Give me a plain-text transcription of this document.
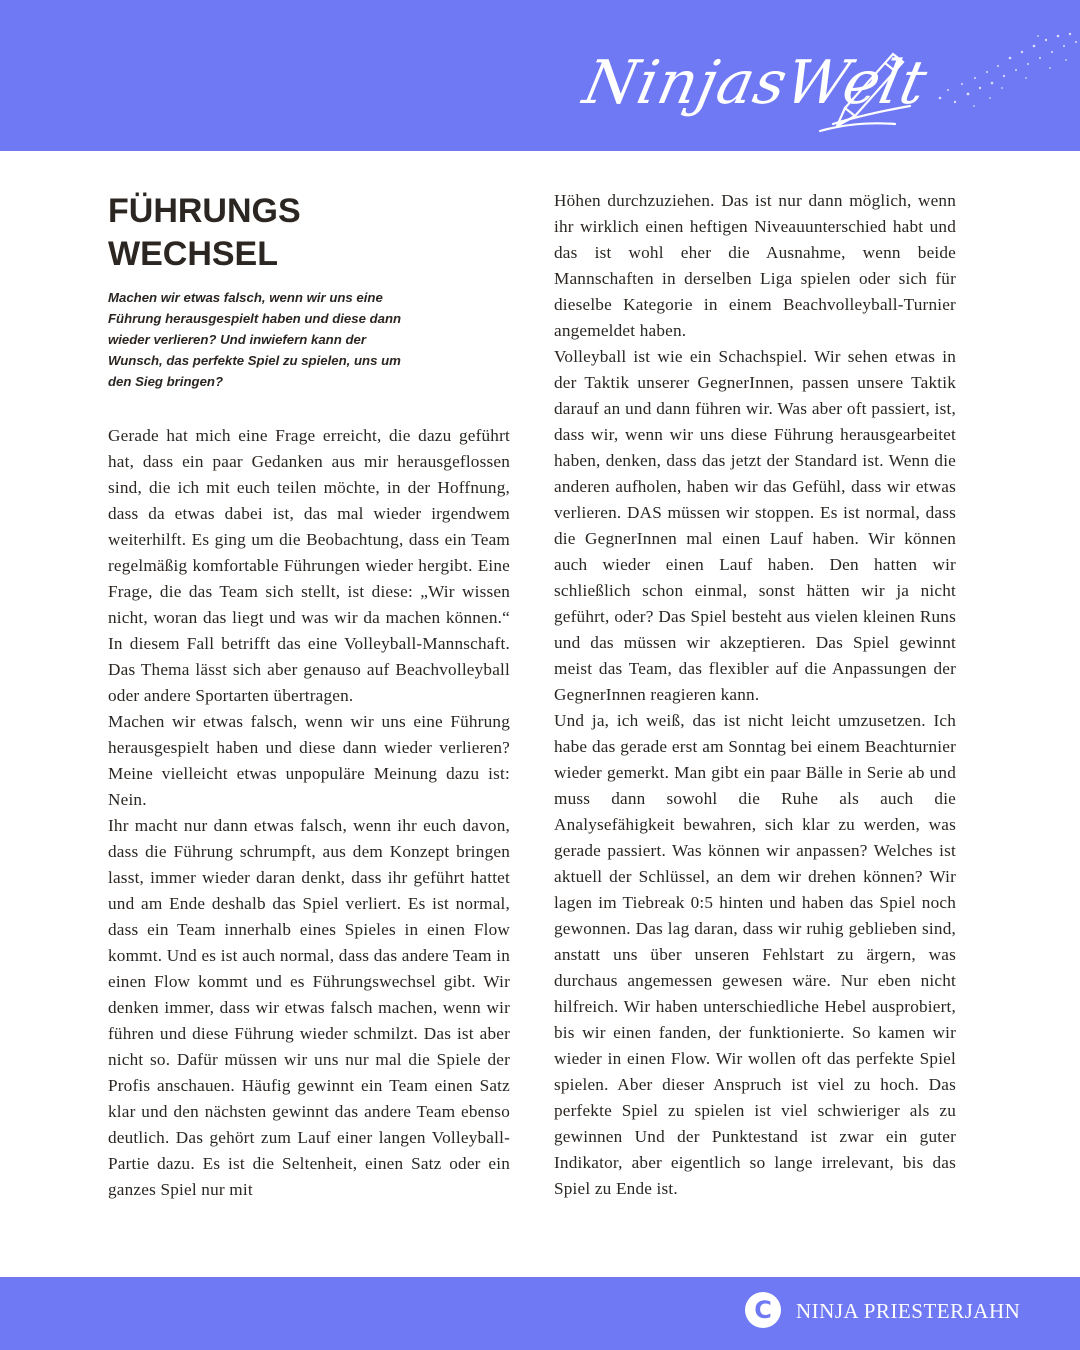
NinjasWelt
FÜHRUNGS
WECHSEL

Machen wir etwas falsch, wenn wir uns eine Führung herausgespielt haben und diese dann wieder verlieren? Und inwiefern kann der Wunsch, das perfekte Spiel zu spielen, uns um den Sieg bringen?

Gerade hat mich eine Frage erreicht, die dazu geführt hat, dass ein paar Gedanken aus mir herausgeflossen sind, die ich mit euch teilen möchte, in der Hoffnung, dass da etwas dabei ist, das mal wieder irgendwem weiterhilft. Es ging um die Beobachtung, dass ein Team regelmäßig komfortable Führungen wieder hergibt. Eine Frage, die das Team sich stellt, ist diese: „Wir wissen nicht, woran das liegt und was wir da machen können.“ In diesem Fall betrifft das eine Volleyball-Mannschaft. Das Thema lässt sich aber genauso auf Beachvolleyball oder andere Sportarten übertragen.

Machen wir etwas falsch, wenn wir uns eine Führung herausgespielt haben und diese dann wieder verlieren? Meine vielleicht etwas unpopuläre Meinung dazu ist: Nein.

Ihr macht nur dann etwas falsch, wenn ihr euch davon, dass die Führung schrumpft, aus dem Konzept bringen lasst, immer wieder daran denkt, dass ihr geführt hattet und am Ende deshalb das Spiel verliert. Es ist normal, dass ein Team innerhalb eines Spieles in einen Flow kommt. Und es ist auch normal, dass das andere Team in einen Flow kommt und es Führungswechsel gibt. Wir denken immer, dass wir etwas falsch machen, wenn wir führen und diese Führung wieder schmilzt. Das ist aber nicht so. Dafür müssen wir uns nur mal die Spiele der Profis anschauen. Häufig gewinnt ein Team einen Satz klar und den nächsten gewinnt das andere Team ebenso deutlich. Das gehört zum Lauf einer langen Volleyball-Partie dazu. Es ist die Seltenheit, einen Satz oder ein ganzes Spiel nur mit

Höhen durchzuziehen. Das ist nur dann möglich, wenn ihr wirklich einen heftigen Niveauunterschied habt und das ist wohl eher die Ausnahme, wenn beide Mannschaften in derselben Liga spielen oder sich für dieselbe Kategorie in einem Beachvolleyball-Turnier angemeldet haben.

Volleyball ist wie ein Schachspiel. Wir sehen etwas in der Taktik unserer GegnerInnen, passen unsere Taktik darauf an und dann führen wir. Was aber oft passiert, ist, dass wir, wenn wir uns diese Führung herausgearbeitet haben, denken, dass das jetzt der Standard ist. Wenn die anderen aufholen, haben wir das Gefühl, dass wir etwas verlieren. DAS müssen wir stoppen. Es ist normal, dass die GegnerInnen mal einen Lauf haben. Wir können auch wieder einen Lauf haben. Den hatten wir schließlich schon einmal, sonst hätten wir ja nicht geführt, oder? Das Spiel besteht aus vielen kleinen Runs und das müssen wir akzeptieren. Das Spiel gewinnt meist das Team, das flexibler auf die Anpassungen der GegnerInnen reagieren kann.

Und ja, ich weiß, das ist nicht leicht umzusetzen. Ich habe das gerade erst am Sonntag bei einem Beachturnier wieder gemerkt. Man gibt ein paar Bälle in Serie ab und muss dann sowohl die Ruhe als auch die Analysefähigkeit bewahren, sich klar zu werden, was gerade passiert. Was können wir anpassen? Welches ist aktuell der Schlüssel, an dem wir drehen können? Wir lagen im Tiebreak 0:5 hinten und haben das Spiel noch gewonnen. Das lag daran, dass wir ruhig geblieben sind, anstatt uns über unseren Fehlstart zu ärgern, was durchaus angemessen gewesen wäre. Nur eben nicht hilfreich. Wir haben unterschiedliche Hebel ausprobiert, bis wir einen fanden, der funktionierte. So kamen wir wieder in einen Flow. Wir wollen oft das perfekte Spiel spielen. Aber dieser Anspruch ist viel zu hoch. Das perfekte Spiel zu spielen ist viel schwieriger als zu gewinnen Und der Punktestand ist zwar ein guter Indikator, aber eigentlich so lange irrelevant, bis das Spiel zu Ende ist.

C	NINJA PRIESTERJAHN
